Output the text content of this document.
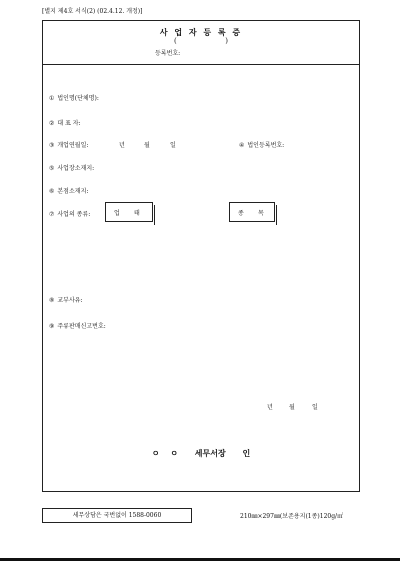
[별지 제4호 서식(2) (02.4.12. 개정)]
사 업 자 등 록 증
(	)
등록번호:
① 법인명(단체명):
② 대 표 자:
③ 개업연월일:	년	월	일	④ 법인등록번호:
⑤ 사업장소재지:
⑥ 본점소재지:
⑦ 사업의 종류:	업 태	종 목
⑧ 교부사유:
⑨ 주류판매신고번호:
년	월	일
ㅇ ㅇ 세무서장 인
세무상담은 국번없이 1588-0060	210㎜×297㎜(보존용지(1종)120g/㎡
